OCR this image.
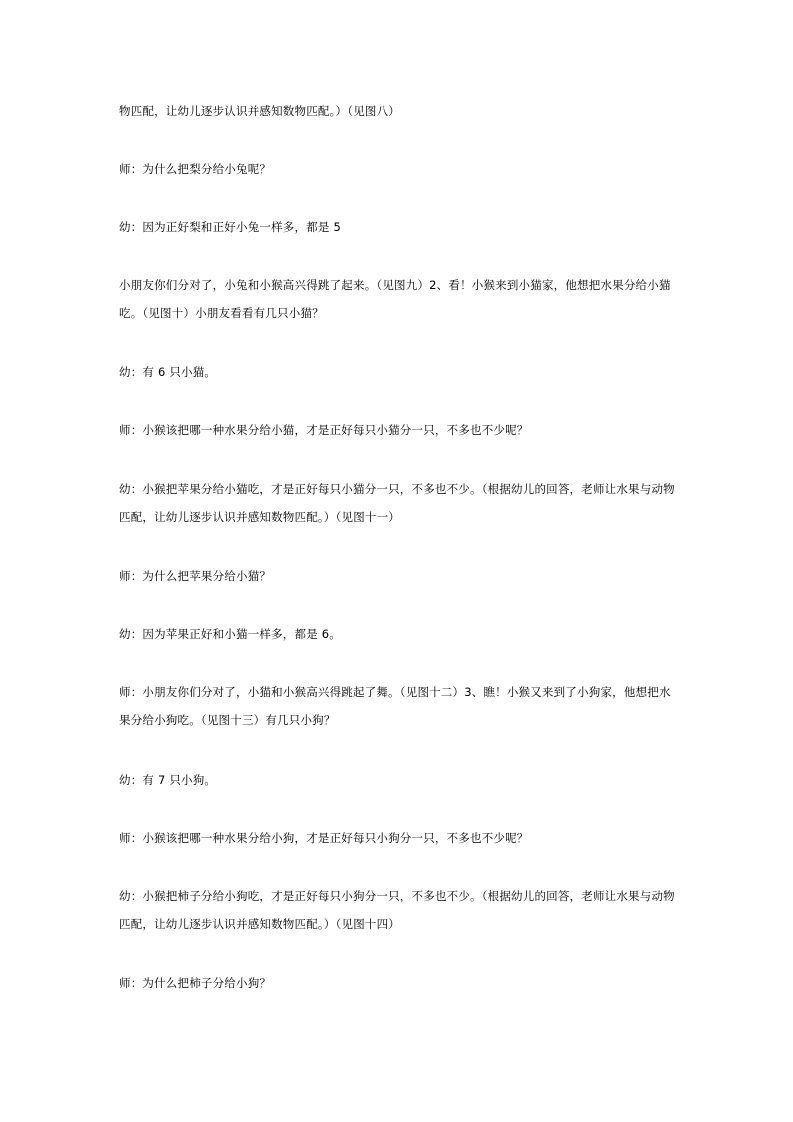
物匹配，让幼儿逐步认识并感知数物匹配。）（见图八）

师：为什么把梨分给小兔呢？

幼：因为正好梨和正好小兔一样多，都是 5

小朋友你们分对了，小兔和小猴高兴得跳了起来。（见图九）2、看！小猴来到小猫家，他想把水果分给小猫吃。（见图十）小朋友看看有几只小猫？

幼：有 6 只小猫。

师：小猴该把哪一种水果分给小猫，才是正好每只小猫分一只，不多也不少呢？

幼：小猴把苹果分给小猫吃，才是正好每只小猫分一只，不多也不少。（根据幼儿的回答，老师让水果与动物匹配，让幼儿逐步认识并感知数物匹配。）（见图十一）

师：为什么把苹果分给小猫？

幼：因为苹果正好和小猫一样多，都是 6。

师：小朋友你们分对了，小猫和小猴高兴得跳起了舞。（见图十二）3、瞧！小猴又来到了小狗家，他想把水果分给小狗吃。（见图十三）有几只小狗？

幼：有 7 只小狗。

师：小猴该把哪一种水果分给小狗，才是正好每只小狗分一只，不多也不少呢？

幼：小猴把柿子分给小狗吃，才是正好每只小狗分一只，不多也不少。（根据幼儿的回答，老师让水果与动物匹配，让幼儿逐步认识并感知数物匹配。）（见图十四）

师：为什么把柿子分给小狗？
